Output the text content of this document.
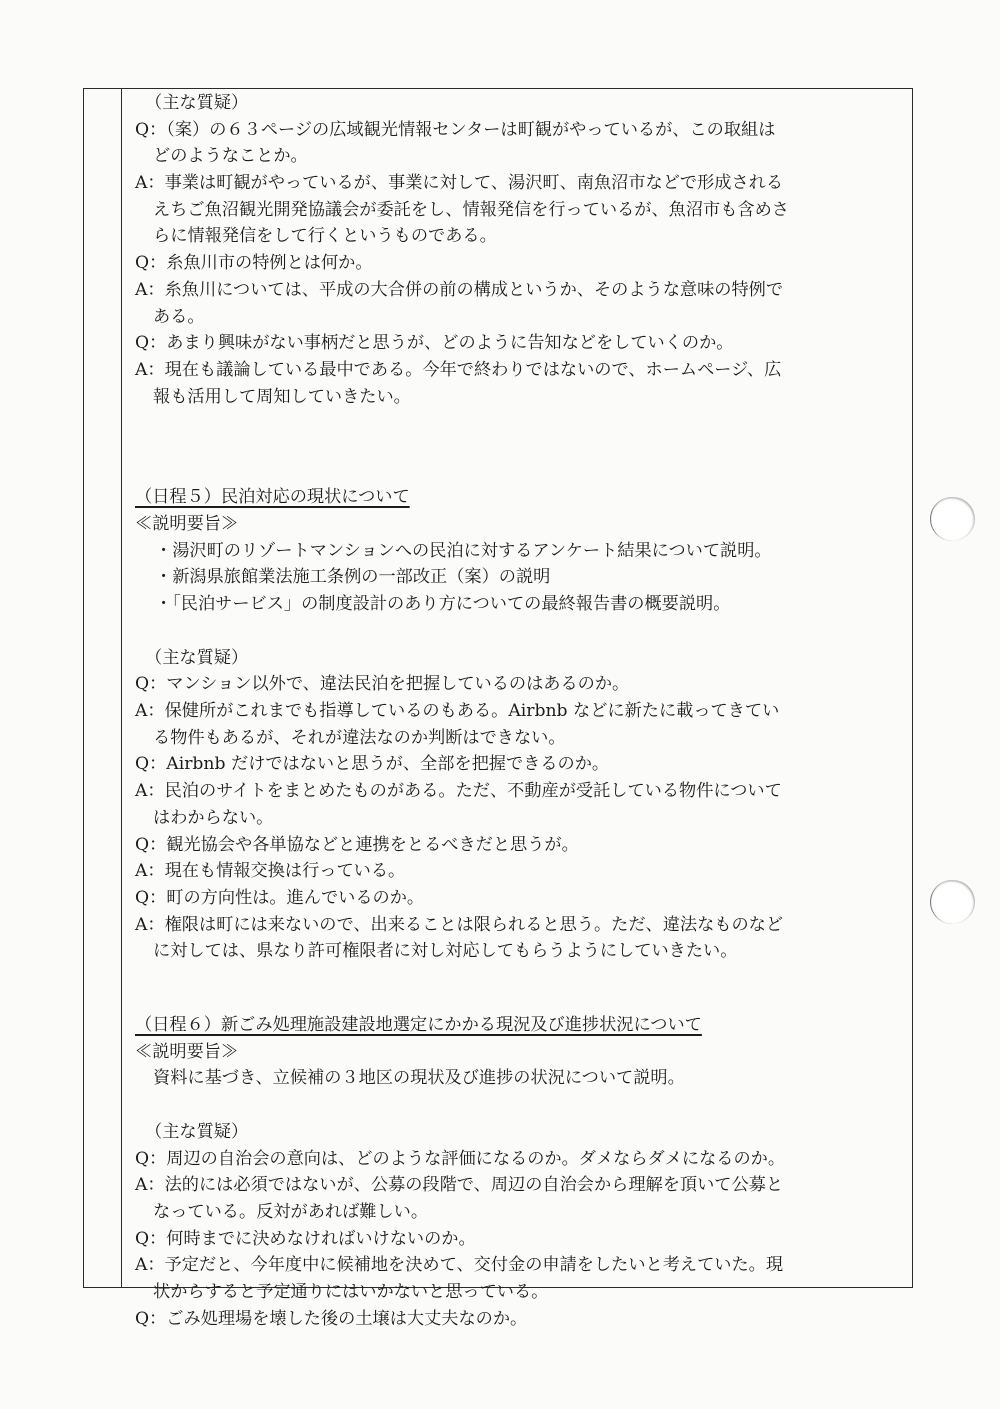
（主な質疑）
Q：（案）の６３ページの広域観光情報センターは町観がやっているが、この取組は
どのようなことか。
A：事業は町観がやっているが、事業に対して、湯沢町、南魚沼市などで形成される
えちご魚沼観光開発協議会が委託をし、情報発信を行っているが、魚沼市も含めさ
らに情報発信をして行くというものである。
Q：糸魚川市の特例とは何か。
A：糸魚川については、平成の大合併の前の構成というか、そのような意味の特例で
ある。
Q：あまり興味がない事柄だと思うが、どのように告知などをしていくのか。
A：現在も議論している最中である。今年で終わりではないので、ホームページ、広
報も活用して周知していきたい。
（日程５）民泊対応の現状について
≪説明要旨≫
・湯沢町のリゾートマンションへの民泊に対するアンケート結果について説明。
・新潟県旅館業法施工条例の一部改正（案）の説明
・「民泊サービス」の制度設計のあり方についての最終報告書の概要説明。
（主な質疑）
Q：マンション以外で、違法民泊を把握しているのはあるのか。
A：保健所がこれまでも指導しているのもある。Airbnb などに新たに載ってきてい
る物件もあるが、それが違法なのか判断はできない。
Q：Airbnb だけではないと思うが、全部を把握できるのか。
A：民泊のサイトをまとめたものがある。ただ、不動産が受託している物件について
はわからない。
Q：観光協会や各単協などと連携をとるべきだと思うが。
A：現在も情報交換は行っている。
Q：町の方向性は。進んでいるのか。
A：権限は町には来ないので、出来ることは限られると思う。ただ、違法なものなど
に対しては、県なり許可権限者に対し対応してもらうようにしていきたい。
（日程６）新ごみ処理施設建設地選定にかかる現況及び進捗状況について
≪説明要旨≫
資料に基づき、立候補の３地区の現状及び進捗の状況について説明。
（主な質疑）
Q：周辺の自治会の意向は、どのような評価になるのか。ダメならダメになるのか。
A：法的には必須ではないが、公募の段階で、周辺の自治会から理解を頂いて公募と
なっている。反対があれば難しい。
Q：何時までに決めなければいけないのか。
A：予定だと、今年度中に候補地を決めて、交付金の申請をしたいと考えていた。現
状からすると予定通りにはいかないと思っている。
Q：ごみ処理場を壊した後の土壌は大丈夫なのか。
